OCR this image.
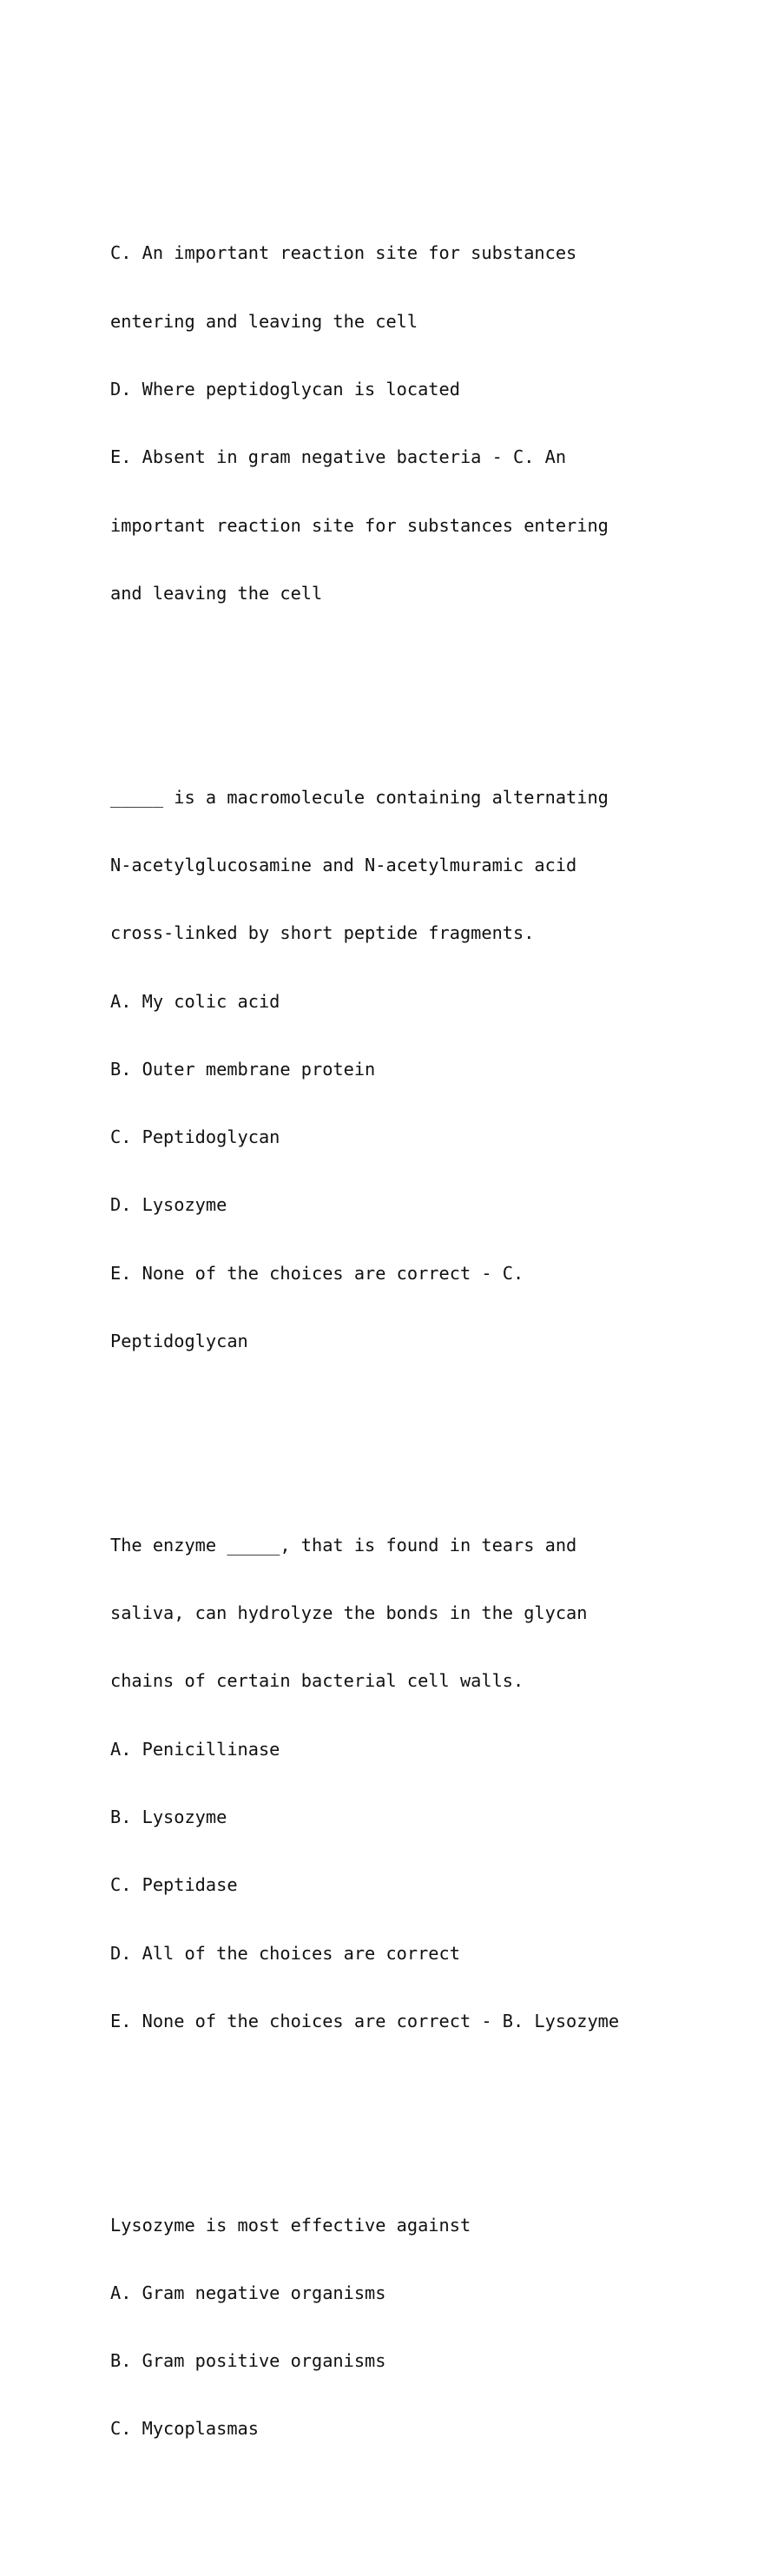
C. An important reaction site for substances

entering and leaving the cell

D. Where peptidoglycan is located

E. Absent in gram negative bacteria - C. An

important reaction site for substances entering

and leaving the cell

_____ is a macromolecule containing alternating

N-acetylglucosamine and N-acetylmuramic acid

cross-linked by short peptide fragments.

A. My colic acid

B. Outer membrane protein

C. Peptidoglycan

D. Lysozyme

E. None of the choices are correct - C.

Peptidoglycan

The enzyme _____, that is found in tears and

saliva, can hydrolyze the bonds in the glycan

chains of certain bacterial cell walls.

A. Penicillinase

B. Lysozyme

C. Peptidase

D. All of the choices are correct

E. None of the choices are correct - B. Lysozyme

Lysozyme is most effective against

A. Gram negative organisms

B. Gram positive organisms

C. Mycoplasmas
